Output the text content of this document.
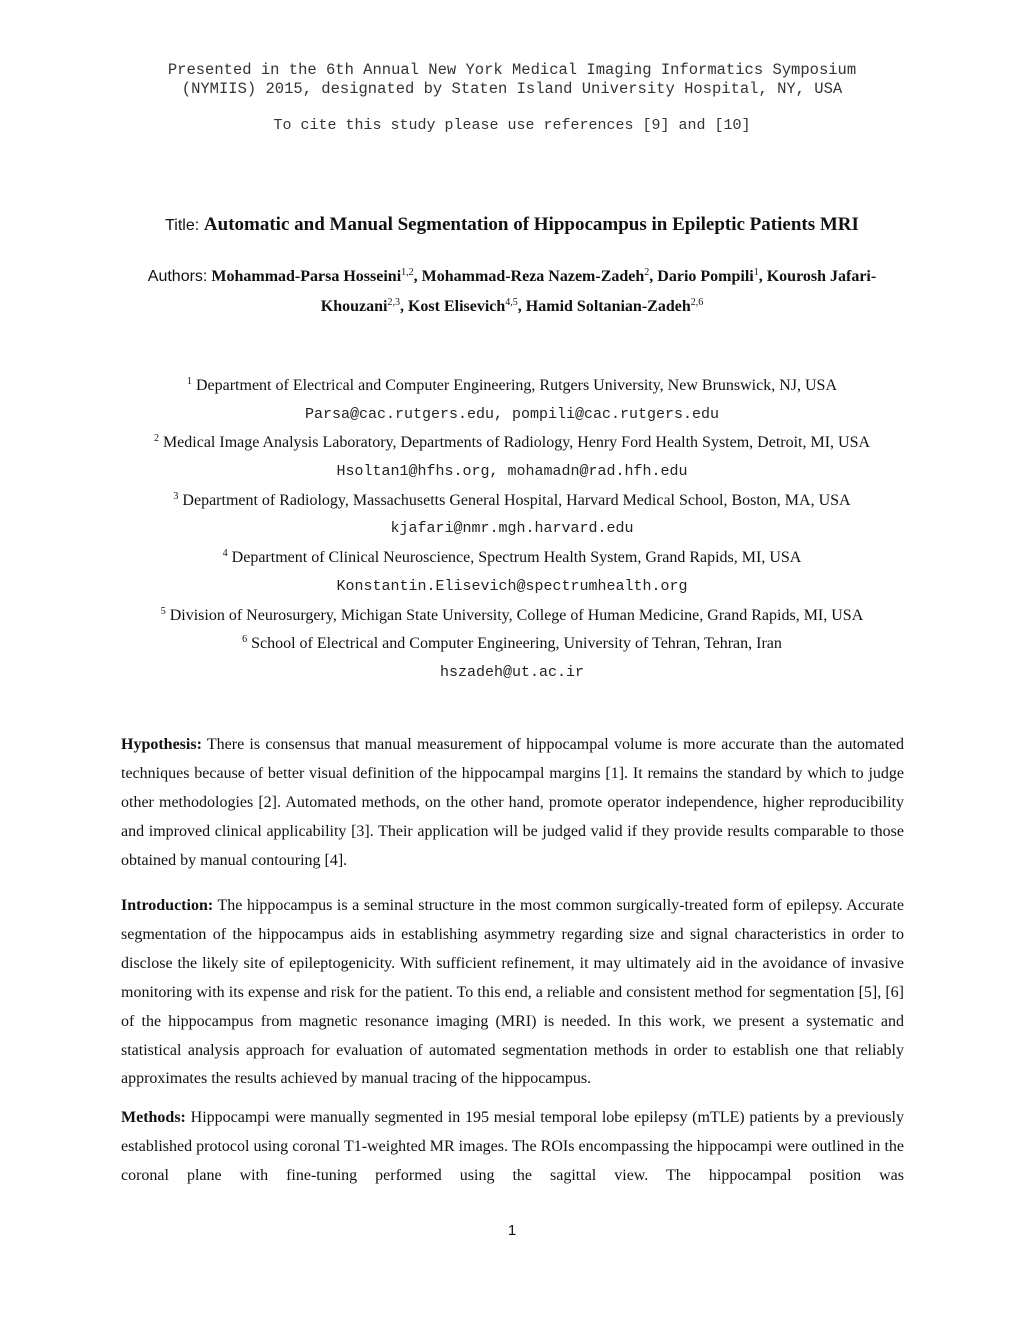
Presented in the 6th Annual New York Medical Imaging Informatics Symposium
(NYMIIS) 2015, designated by Staten Island University Hospital, NY, USA
To cite this study please use references [9] and [10]
Title: Automatic and Manual Segmentation of Hippocampus in Epileptic Patients MRI
Authors: Mohammad-Parsa Hosseini$^{1,2}$, Mohammad-Reza Nazem-Zadeh$^2$, Dario Pompili$^1$, Kourosh Jafari-Khouzani$^{2,3}$, Kost Elisevich$^{4,5}$, Hamid Soltanian-Zadeh$^{2,6}$
$^1$ Department of Electrical and Computer Engineering, Rutgers University, New Brunswick, NJ, USA
Parsa@cac.rutgers.edu, pompili@cac.rutgers.edu
$^2$ Medical Image Analysis Laboratory, Departments of Radiology, Henry Ford Health System, Detroit, MI, USA
Hsoltan1@hfhs.org, mohamadn@rad.hfh.edu
$^3$ Department of Radiology, Massachusetts General Hospital, Harvard Medical School, Boston, MA, USA
kjafari@nmr.mgh.harvard.edu
$^4$ Department of Clinical Neuroscience, Spectrum Health System, Grand Rapids, MI, USA
Konstantin.Elisevich@spectrumhealth.org
$^5$ Division of Neurosurgery, Michigan State University, College of Human Medicine, Grand Rapids, MI, USA
$^6$ School of Electrical and Computer Engineering, University of Tehran, Tehran, Iran
hszadeh@ut.ac.ir
Hypothesis: There is consensus that manual measurement of hippocampal volume is more accurate than the automated techniques because of better visual definition of the hippocampal margins [1]. It remains the standard by which to judge other methodologies [2]. Automated methods, on the other hand, promote operator independence, higher reproducibility and improved clinical applicability [3]. Their application will be judged valid if they provide results comparable to those obtained by manual contouring [4].
Introduction: The hippocampus is a seminal structure in the most common surgically-treated form of epilepsy. Accurate segmentation of the hippocampus aids in establishing asymmetry regarding size and signal characteristics in order to disclose the likely site of epileptogenicity. With sufficient refinement, it may ultimately aid in the avoidance of invasive monitoring with its expense and risk for the patient. To this end, a reliable and consistent method for segmentation [5], [6] of the hippocampus from magnetic resonance imaging (MRI) is needed. In this work, we present a systematic and statistical analysis approach for evaluation of automated segmentation methods in order to establish one that reliably approximates the results achieved by manual tracing of the hippocampus.
Methods: Hippocampi were manually segmented in 195 mesial temporal lobe epilepsy (mTLE) patients by a previously established protocol using coronal T1-weighted MR images. The ROIs encompassing the hippocampi were outlined in the coronal plane with fine-tuning performed using the sagittal view. The hippocampal position was
1
